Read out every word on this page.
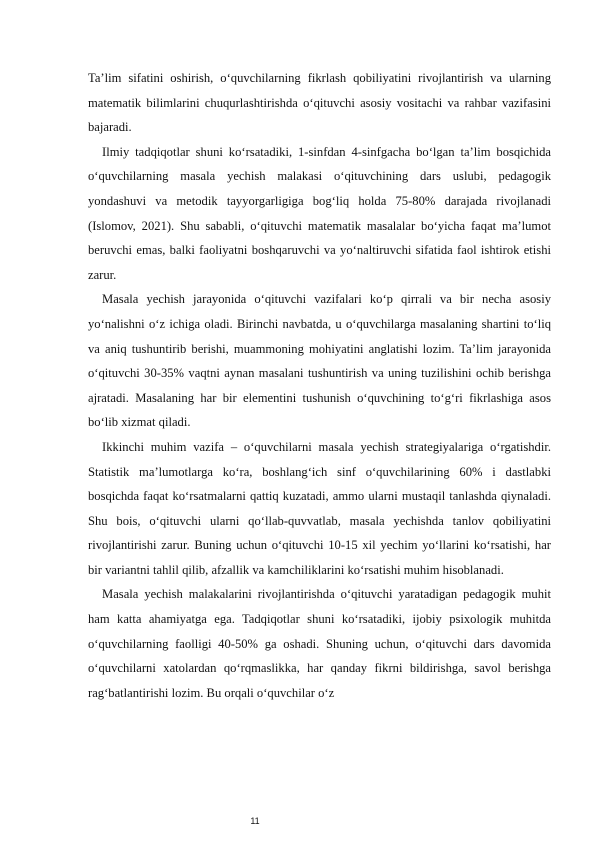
Ta’lim sifatini oshirish, o‘quvchilarning fikrlash qobiliyatini rivojlantirish va ularning matematik bilimlarini chuqurlashtirishda o‘qituvchi asosiy vositachi va rahbar vazifasini bajaradi.

Ilmiy tadqiqotlar shuni ko‘rsatadiki, 1-sinfdan 4-sinfgacha bo‘lgan ta’lim bosqichida o‘quvchilarning masala yechish malakasi o‘qituvchining dars uslubi, pedagogik yondashuvi va metodik tayyorgarligiga bog‘liq holda 75-80% darajada rivojlanadi (Islomov, 2021). Shu sababli, o‘qituvchi matematik masalalar bo‘yicha faqat ma’lumot beruvchi emas, balki faoliyatni boshqaruvchi va yo‘naltiruvchi sifatida faol ishtirok etishi zarur.

Masala yechish jarayonida o‘qituvchi vazifalari ko‘p qirrali va bir necha asosiy yo‘nalishni o‘z ichiga oladi. Birinchi navbatda, u o‘quvchilarga masalaning shartini to‘liq va aniq tushuntirib berishi, muammoning mohiyatini anglatishi lozim. Ta’lim jarayonida o‘qituvchi 30-35% vaqtni aynan masalani tushuntirish va uning tuzilishini ochib berishga ajratadi. Masalaning har bir elementini tushunish o‘quvchining to‘g‘ri fikrlashiga asos bo‘lib xizmat qiladi.

Ikkinchi muhim vazifa – o‘quvchilarni masala yechish strategiyalariga o‘rgatishdir. Statistik ma’lumotlarga ko‘ra, boshlang‘ich sinf o‘quvchilarining 60% i dastlabki bosqichda faqat ko‘rsatmalarni qattiq kuzatadi, ammo ularni mustaqil tanlashda qiynaladi. Shu bois, o‘qituvchi ularni qo‘llab-quvvatlab, masala yechishda tanlov qobiliyatini rivojlantirishi zarur. Buning uchun o‘qituvchi 10-15 xil yechim yo‘llarini ko‘rsatishi, har bir variantni tahlil qilib, afzallik va kamchiliklarini ko‘rsatishi muhim hisoblanadi.

Masala yechish malakalarini rivojlantirishda o‘qituvchi yaratadigan pedagogik muhit ham katta ahamiyatga ega. Tadqiqotlar shuni ko‘rsatadiki, ijobiy psixologik muhitda o‘quvchilarning faolligi 40-50% ga oshadi. Shuning uchun, o‘qituvchi dars davomida o‘quvchilarni xatolardan qo‘rqmaslikka, har qanday fikrni bildirishga, savol berishga rag‘batlantirishi lozim. Bu orqali o‘quvchilar o‘z

11
